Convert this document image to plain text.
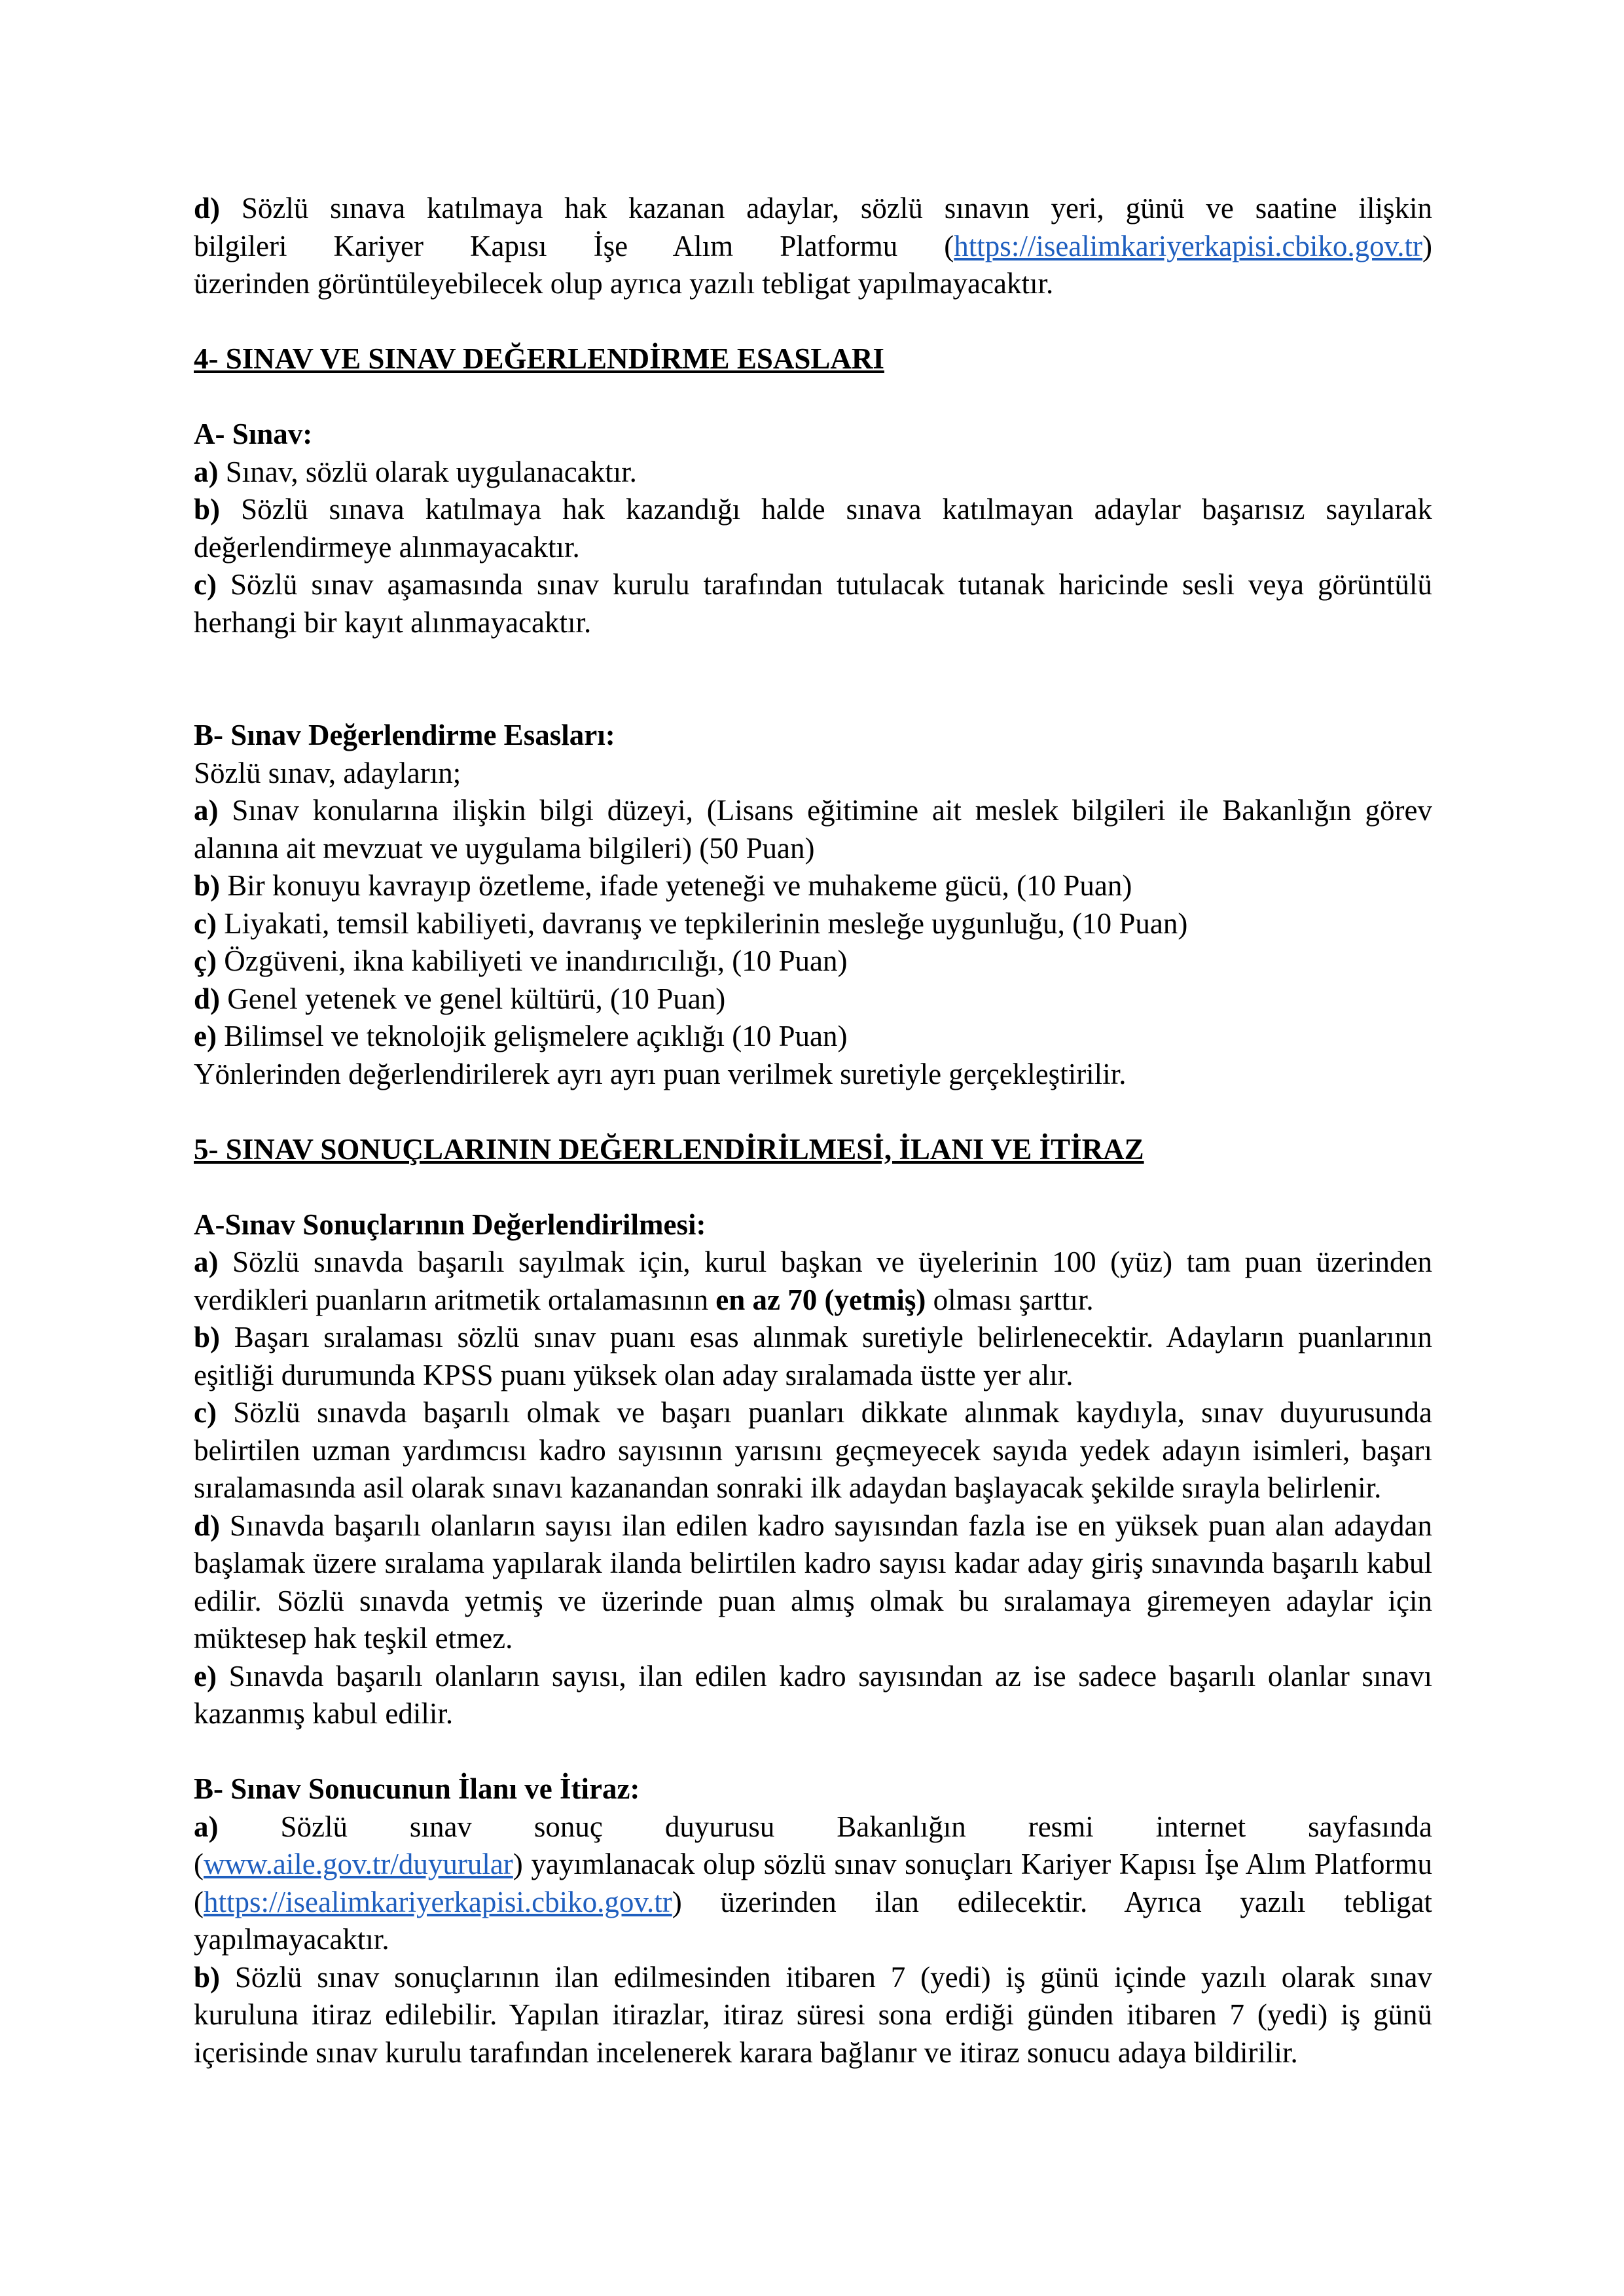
d) Sözlü sınava katılmaya hak kazanan adaylar, sözlü sınavın yeri, günü ve saatine ilişkin

bilgileri Kariyer Kapısı İşe Alım Platformu (https://isealimkariyerkapisi.cbiko.gov.tr)

üzerinden görüntüleyebilecek olup ayrıca yazılı tebligat yapılmayacaktır.

4- SINAV VE SINAV DEĞERLENDİRME ESASLARI

A- Sınav:

a) Sınav, sözlü olarak uygulanacaktır.

b) Sözlü sınava katılmaya hak kazandığı halde sınava katılmayan adaylar başarısız sayılarak değerlendirmeye alınmayacaktır.

c) Sözlü sınav aşamasında sınav kurulu tarafından tutulacak tutanak haricinde sesli veya görüntülü herhangi bir kayıt alınmayacaktır.

B- Sınav Değerlendirme Esasları:

Sözlü sınav, adayların;

a) Sınav konularına ilişkin bilgi düzeyi, (Lisans eğitimine ait meslek bilgileri ile Bakanlığın görev alanına ait mevzuat ve uygulama bilgileri) (50 Puan)

b) Bir konuyu kavrayıp özetleme, ifade yeteneği ve muhakeme gücü, (10 Puan)

c) Liyakati, temsil kabiliyeti, davranış ve tepkilerinin mesleğe uygunluğu, (10 Puan)

ç) Özgüveni, ikna kabiliyeti ve inandırıcılığı, (10 Puan)

d) Genel yetenek ve genel kültürü, (10 Puan)

e) Bilimsel ve teknolojik gelişmelere açıklığı (10 Puan)

Yönlerinden değerlendirilerek ayrı ayrı puan verilmek suretiyle gerçekleştirilir.

5- SINAV SONUÇLARININ DEĞERLENDİRİLMESİ, İLANI VE İTİRAZ

A-Sınav Sonuçlarının Değerlendirilmesi:

a) Sözlü sınavda başarılı sayılmak için, kurul başkan ve üyelerinin 100 (yüz) tam puan üzerinden verdikleri puanların aritmetik ortalamasının en az 70 (yetmiş) olması şarttır.

b) Başarı sıralaması sözlü sınav puanı esas alınmak suretiyle belirlenecektir. Adayların puanlarının eşitliği durumunda KPSS puanı yüksek olan aday sıralamada üstte yer alır.

c) Sözlü sınavda başarılı olmak ve başarı puanları dikkate alınmak kaydıyla, sınav duyurusunda belirtilen uzman yardımcısı kadro sayısının yarısını geçmeyecek sayıda yedek adayın isimleri, başarı sıralamasında asil olarak sınavı kazanandan sonraki ilk adaydan başlayacak şekilde sırayla belirlenir.

d) Sınavda başarılı olanların sayısı ilan edilen kadro sayısından fazla ise en yüksek puan alan adaydan başlamak üzere sıralama yapılarak ilanda belirtilen kadro sayısı kadar aday giriş sınavında başarılı kabul edilir. Sözlü sınavda yetmiş ve üzerinde puan almış olmak bu sıralamaya giremeyen adaylar için müktesep hak teşkil etmez.

e) Sınavda başarılı olanların sayısı, ilan edilen kadro sayısından az ise sadece başarılı olanlar sınavı kazanmış kabul edilir.

B- Sınav Sonucunun İlanı ve İtiraz:

a) Sözlü sınav sonuç duyurusu Bakanlığın resmi internet sayfasında

(www.aile.gov.tr/duyurular) yayımlanacak olup sözlü sınav sonuçları Kariyer Kapısı İşe Alım Platformu (https://isealimkariyerkapisi.cbiko.gov.tr) üzerinden ilan edilecektir. Ayrıca yazılı tebligat yapılmayacaktır.

b) Sözlü sınav sonuçlarının ilan edilmesinden itibaren 7 (yedi) iş günü içinde yazılı olarak sınav kuruluna itiraz edilebilir. Yapılan itirazlar, itiraz süresi sona erdiği günden itibaren 7 (yedi) iş günü içerisinde sınav kurulu tarafından incelenerek karara bağlanır ve itiraz sonucu adaya bildirilir.
